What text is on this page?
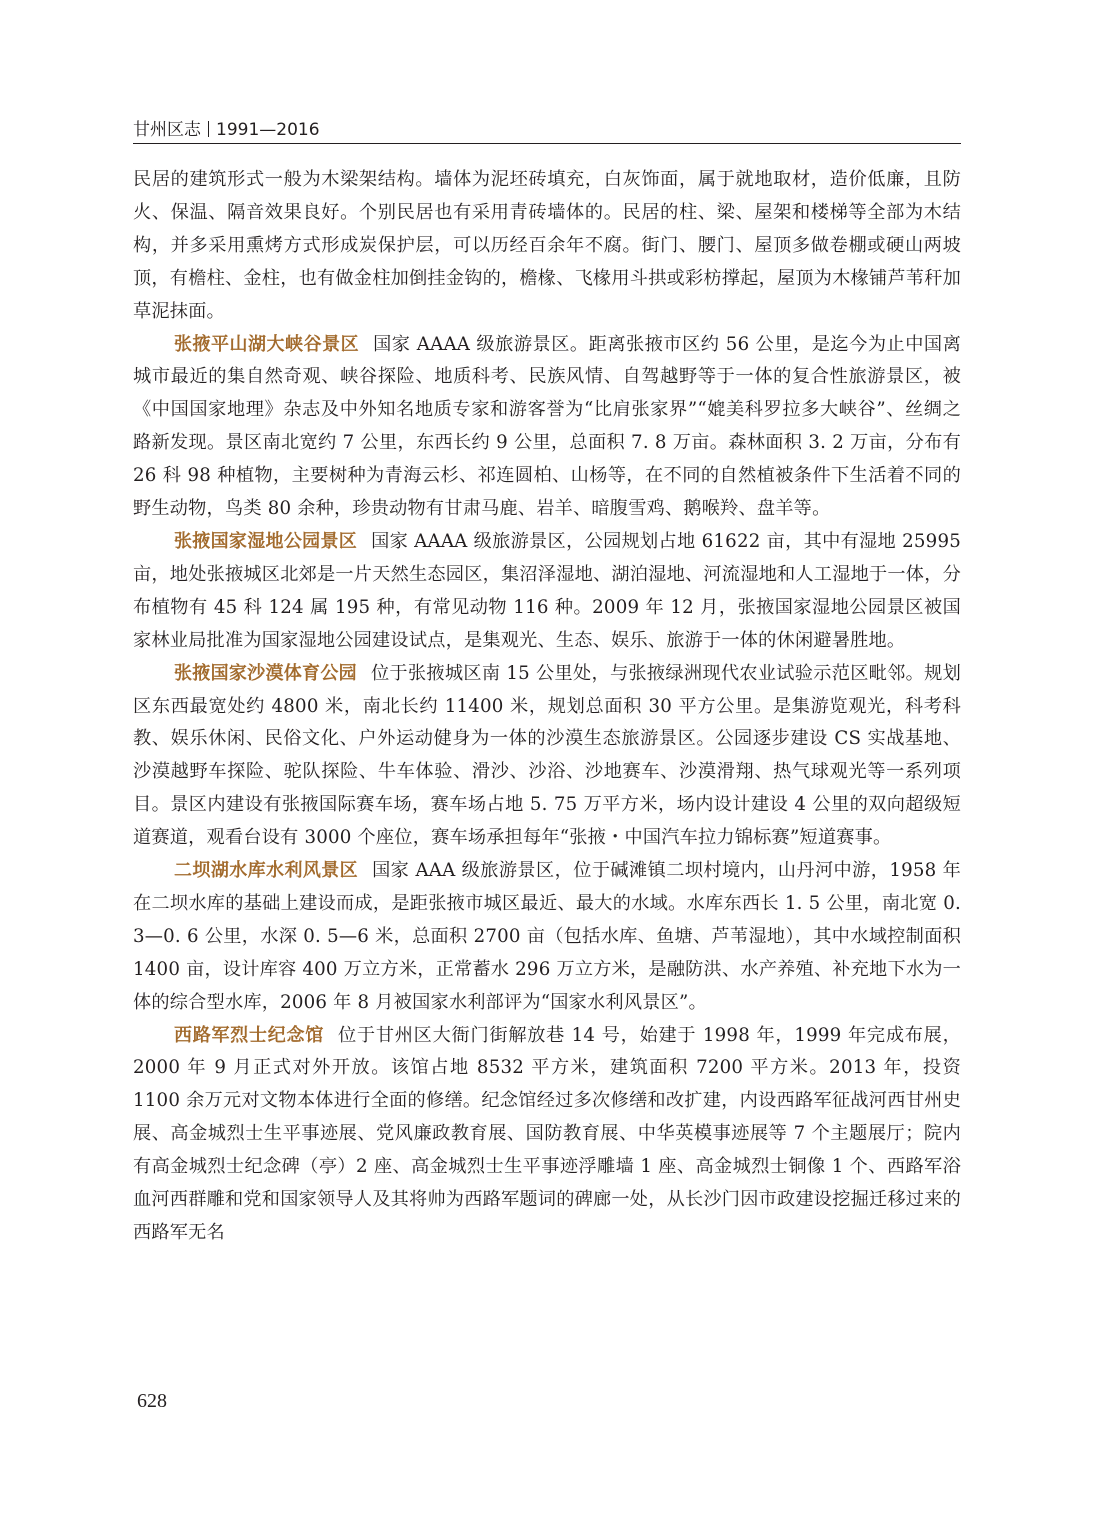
甘州区志 1991—2016

民居的建筑形式一般为木梁架结构。墙体为泥坯砖填充，白灰饰面，属于就地取材，造价低廉，且防火、保温、隔音效果良好。个别民居也有采用青砖墙体的。民居的柱、梁、屋架和楼梯等全部为木结构，并多采用熏烤方式形成炭保护层，可以历经百余年不腐。街门、腰门、屋顶多做卷棚或硬山两坡顶，有檐柱、金柱，也有做金柱加倒挂金钩的，檐椽、飞椽用斗拱或彩枋撑起，屋顶为木椽铺芦苇秆加草泥抹面。

张掖平山湖大峡谷景区 国家 AAAA 级旅游景区。距离张掖市区约 56 公里，是迄今为止中国离城市最近的集自然奇观、峡谷探险、地质科考、民族风情、自驾越野等于一体的复合性旅游景区，被《中国国家地理》杂志及中外知名地质专家和游客誉为“比肩张家界”“媲美科罗拉多大峡谷”、丝绸之路新发现。景区南北宽约 7 公里，东西长约 9 公里，总面积 7. 8 万亩。森林面积 3. 2 万亩，分布有 26 科 98 种植物，主要树种为青海云杉、祁连圆柏、山杨等，在不同的自然植被条件下生活着不同的野生动物，鸟类 80 余种，珍贵动物有甘肃马鹿、岩羊、暗腹雪鸡、鹅喉羚、盘羊等。

张掖国家湿地公园景区 国家 AAAA 级旅游景区，公园规划占地 61622 亩，其中有湿地 25995 亩，地处张掖城区北郊是一片天然生态园区，集沼泽湿地、湖泊湿地、河流湿地和人工湿地于一体，分布植物有 45 科 124 属 195 种，有常见动物 116 种。2009 年 12 月，张掖国家湿地公园景区被国家林业局批准为国家湿地公园建设试点，是集观光、生态、娱乐、旅游于一体的休闲避暑胜地。

张掖国家沙漠体育公园 位于张掖城区南 15 公里处，与张掖绿洲现代农业试验示范区毗邻。规划区东西最宽处约 4800 米，南北长约 11400 米，规划总面积 30 平方公里。是集游览观光，科考科教、娱乐休闲、民俗文化、户外运动健身为一体的沙漠生态旅游景区。公园逐步建设 CS 实战基地、沙漠越野车探险、驼队探险、牛车体验、滑沙、沙浴、沙地赛车、沙漠滑翔、热气球观光等一系列项目。景区内建设有张掖国际赛车场，赛车场占地 5. 75 万平方米，场内设计建设 4 公里的双向超级短道赛道，观看台设有 3000 个座位，赛车场承担每年“张掖・中国汽车拉力锦标赛”短道赛事。

二坝湖水库水利风景区 国家 AAA 级旅游景区，位于碱滩镇二坝村境内，山丹河中游，1958 年在二坝水库的基础上建设而成，是距张掖市城区最近、最大的水域。水库东西长 1. 5 公里，南北宽 0. 3—0. 6 公里，水深 0. 5—6 米，总面积 2700 亩（包括水库、鱼塘、芦苇湿地），其中水域控制面积 1400 亩，设计库容 400 万立方米，正常蓄水 296 万立方米，是融防洪、水产养殖、补充地下水为一体的综合型水库，2006 年 8 月被国家水利部评为“国家水利风景区”。

西路军烈士纪念馆 位于甘州区大衙门街解放巷 14 号，始建于 1998 年，1999 年完成布展，2000 年 9 月正式对外开放。该馆占地 8532 平方米，建筑面积 7200 平方米。2013 年，投资 1100 余万元对文物本体进行全面的修缮。纪念馆经过多次修缮和改扩建，内设西路军征战河西甘州史展、高金城烈士生平事迹展、党风廉政教育展、国防教育展、中华英模事迹展等 7 个主题展厅；院内有高金城烈士纪念碑（亭）2 座、高金城烈士生平事迹浮雕墙 1 座、高金城烈士铜像 1 个、西路军浴血河西群雕和党和国家领导人及其将帅为西路军题词的碑廊一处，从长沙门因市政建设挖掘迁移过来的西路军无名

628
